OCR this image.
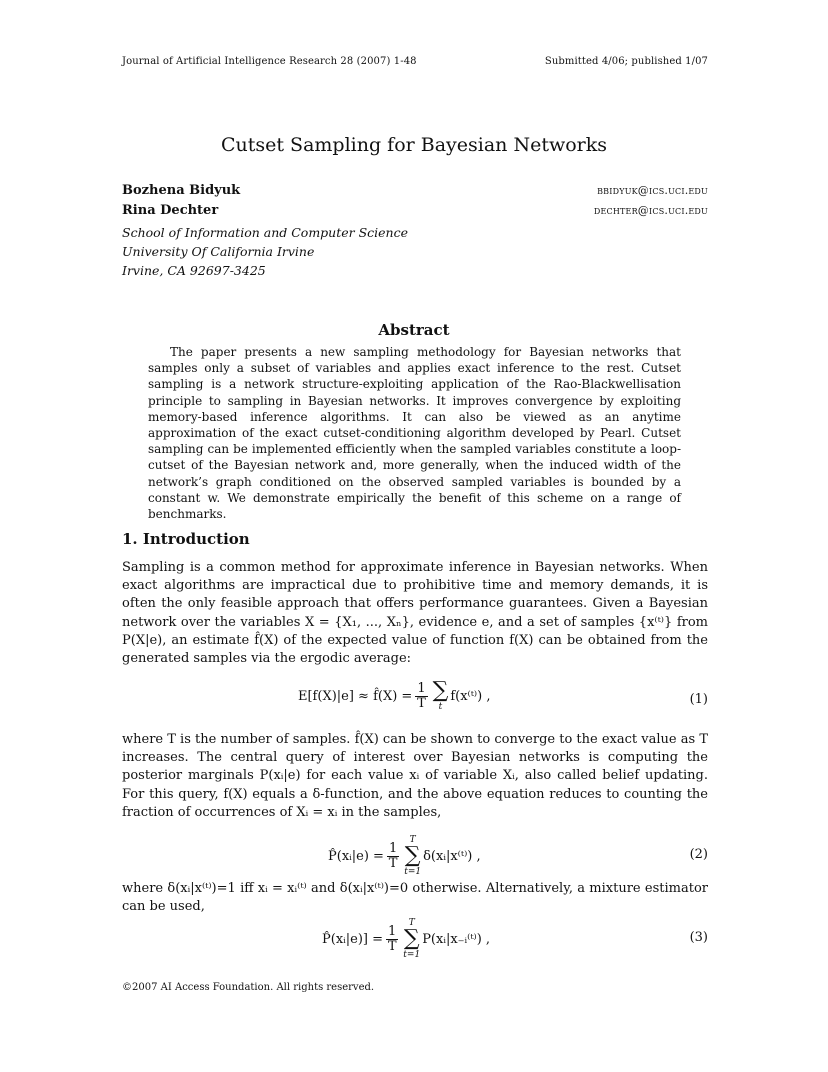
Journal of Artificial Intelligence Research 28 (2007) 1-48	Submitted 4/06; published 1/07
Cutset Sampling for Bayesian Networks
Bozhena Bidyuk	bbidyuk@ics.uci.edu
Rina Dechter	dechter@ics.uci.edu
School of Information and Computer Science
University Of California Irvine
Irvine, CA 92697-3425
Abstract
The paper presents a new sampling methodology for Bayesian networks that samples only a subset of variables and applies exact inference to the rest. Cutset sampling is a network structure-exploiting application of the Rao-Blackwellisation principle to sampling in Bayesian networks. It improves convergence by exploiting memory-based inference algorithms. It can also be viewed as an anytime approximation of the exact cutset-conditioning algorithm developed by Pearl. Cutset sampling can be implemented efficiently when the sampled variables constitute a loop-cutset of the Bayesian network and, more generally, when the induced width of the network’s graph conditioned on the observed sampled variables is bounded by a constant w. We demonstrate empirically the benefit of this scheme on a range of benchmarks.
1. Introduction
Sampling is a common method for approximate inference in Bayesian networks. When exact algorithms are impractical due to prohibitive time and memory demands, it is often the only feasible approach that offers performance guarantees. Given a Bayesian network over the variables X = {X₁, ..., Xₙ}, evidence e, and a set of samples {x⁽ᵗ⁾} from P(X|e), an estimate f̂(X) of the expected value of function f(X) can be obtained from the generated samples via the ergodic average:
E[f(X)|e] ≈ f̂(X) = $\frac{1}{T}$ ∑
t
f(x⁽ᵗ⁾) ,	(1)
where T is the number of samples. f̂(X) can be shown to converge to the exact value as T increases. The central query of interest over Bayesian networks is computing the posterior marginals P(xᵢ|e) for each value xᵢ of variable Xᵢ, also called belief updating. For this query, f(X) equals a δ-function, and the above equation reduces to counting the fraction of occurrences of Xᵢ = xᵢ in the samples,
P̂(xᵢ|e) = $\frac{1}{T}$
T
∑
t=1
δ(xᵢ|x⁽ᵗ⁾) ,	(2)
where δ(xᵢ|x⁽ᵗ⁾)=1 iff xᵢ = xᵢ⁽ᵗ⁾ and δ(xᵢ|x⁽ᵗ⁾)=0 otherwise. Alternatively, a mixture estimator can be used,
P̂(xᵢ|e)] = $\frac{1}{T}$
T
∑
t=1
P(xᵢ|x₋ᵢ⁽ᵗ⁾) ,	(3)
©2007 AI Access Foundation. All rights reserved.
